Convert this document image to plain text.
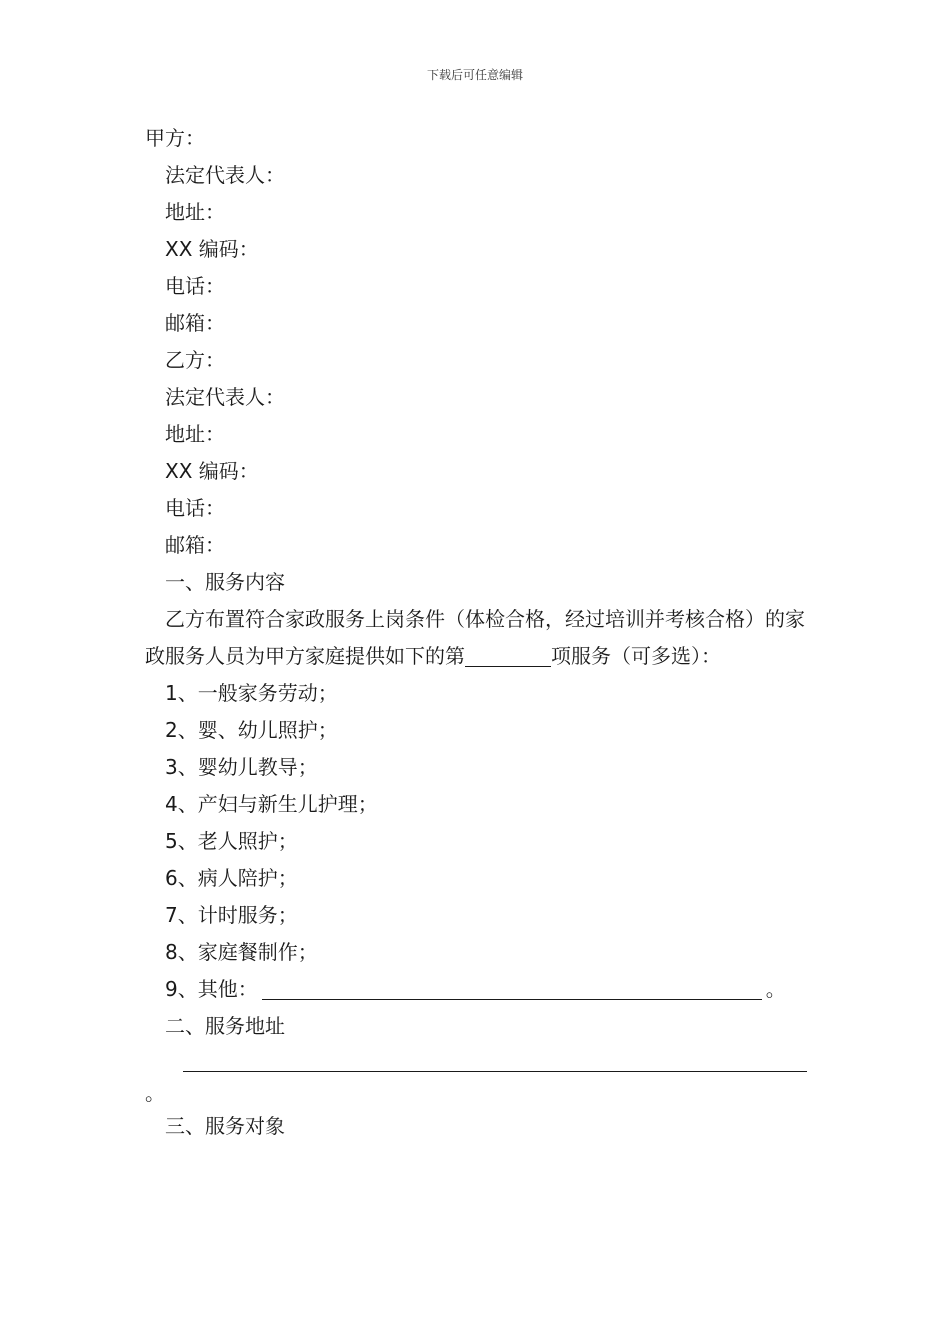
下载后可任意编辑
甲方：
法定代表人：
地址：
XX 编码：
电话：
邮箱：
乙方：
法定代表人：
地址：
XX 编码：
电话：
邮箱：
一、服务内容
乙方布置符合家政服务上岗条件（体检合格，经过培训并考核合格）的家政服务人员为甲方家庭提供如下的第	项服务（可多选）：
1、一般家务劳动；
2、婴、幼儿照护；
3、婴幼儿教导；
4、产妇与新生儿护理；
5、老人照护；
6、病人陪护；
7、计时服务；
8、家庭餐制作；
9、其他：	。
二、服务地址
。
三、服务对象
